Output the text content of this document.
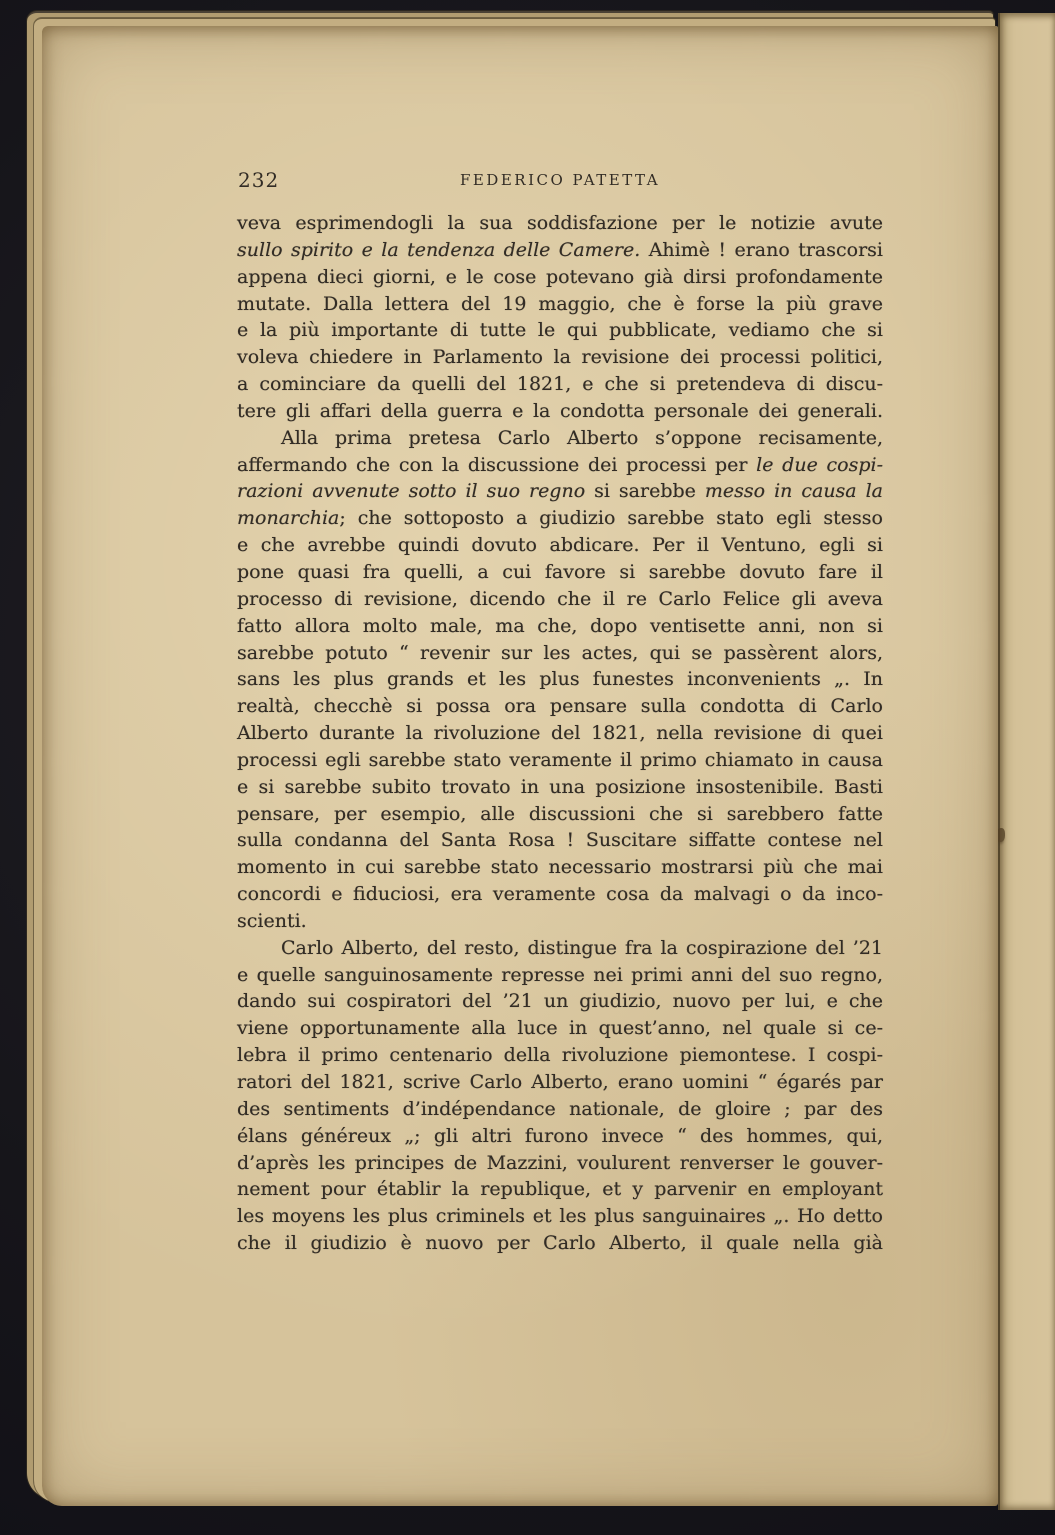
232	FEDERICO PATETTA
veva esprimendogli la sua soddisfazione per le notizie avute
sullo spirito e la tendenza delle Camere. Ahimè ! erano trascorsi
appena dieci giorni, e le cose potevano già dirsi profondamente
mutate. Dalla lettera del 19 maggio, che è forse la più grave
e la più importante di tutte le qui pubblicate, vediamo che si
voleva chiedere in Parlamento la revisione dei processi politici,
a cominciare da quelli del 1821, e che si pretendeva di discu-
tere gli affari della guerra e la condotta personale dei generali.
Alla prima pretesa Carlo Alberto s’oppone recisamente,
affermando che con la discussione dei processi per le due cospi-
razioni avvenute sotto il suo regno si sarebbe messo in causa la
monarchia; che sottoposto a giudizio sarebbe stato egli stesso
e che avrebbe quindi dovuto abdicare. Per il Ventuno, egli si
pone quasi fra quelli, a cui favore si sarebbe dovuto fare il
processo di revisione, dicendo che il re Carlo Felice gli aveva
fatto allora molto male, ma che, dopo ventisette anni, non si
sarebbe potuto “ revenir sur les actes, qui se passèrent alors,
sans les plus grands et les plus funestes inconvenients „. In
realtà, checchè si possa ora pensare sulla condotta di Carlo
Alberto durante la rivoluzione del 1821, nella revisione di quei
processi egli sarebbe stato veramente il primo chiamato in causa
e si sarebbe subito trovato in una posizione insostenibile. Basti
pensare, per esempio, alle discussioni che si sarebbero fatte
sulla condanna del Santa Rosa ! Suscitare siffatte contese nel
momento in cui sarebbe stato necessario mostrarsi più che mai
concordi e fiduciosi, era veramente cosa da malvagi o da inco-
scienti.
Carlo Alberto, del resto, distingue fra la cospirazione del ’21
e quelle sanguinosamente represse nei primi anni del suo regno,
dando sui cospiratori del ’21 un giudizio, nuovo per lui, e che
viene opportunamente alla luce in quest’anno, nel quale si ce-
lebra il primo centenario della rivoluzione piemontese. I cospi-
ratori del 1821, scrive Carlo Alberto, erano uomini “ égarés par
des sentiments d’indépendance nationale, de gloire ; par des
élans généreux „; gli altri furono invece “ des hommes, qui,
d’après les principes de Mazzini, voulurent renverser le gouver-
nement pour établir la republique, et y parvenir en employant
les moyens les plus criminels et les plus sanguinaires „. Ho detto
che il giudizio è nuovo per Carlo Alberto, il quale nella già
